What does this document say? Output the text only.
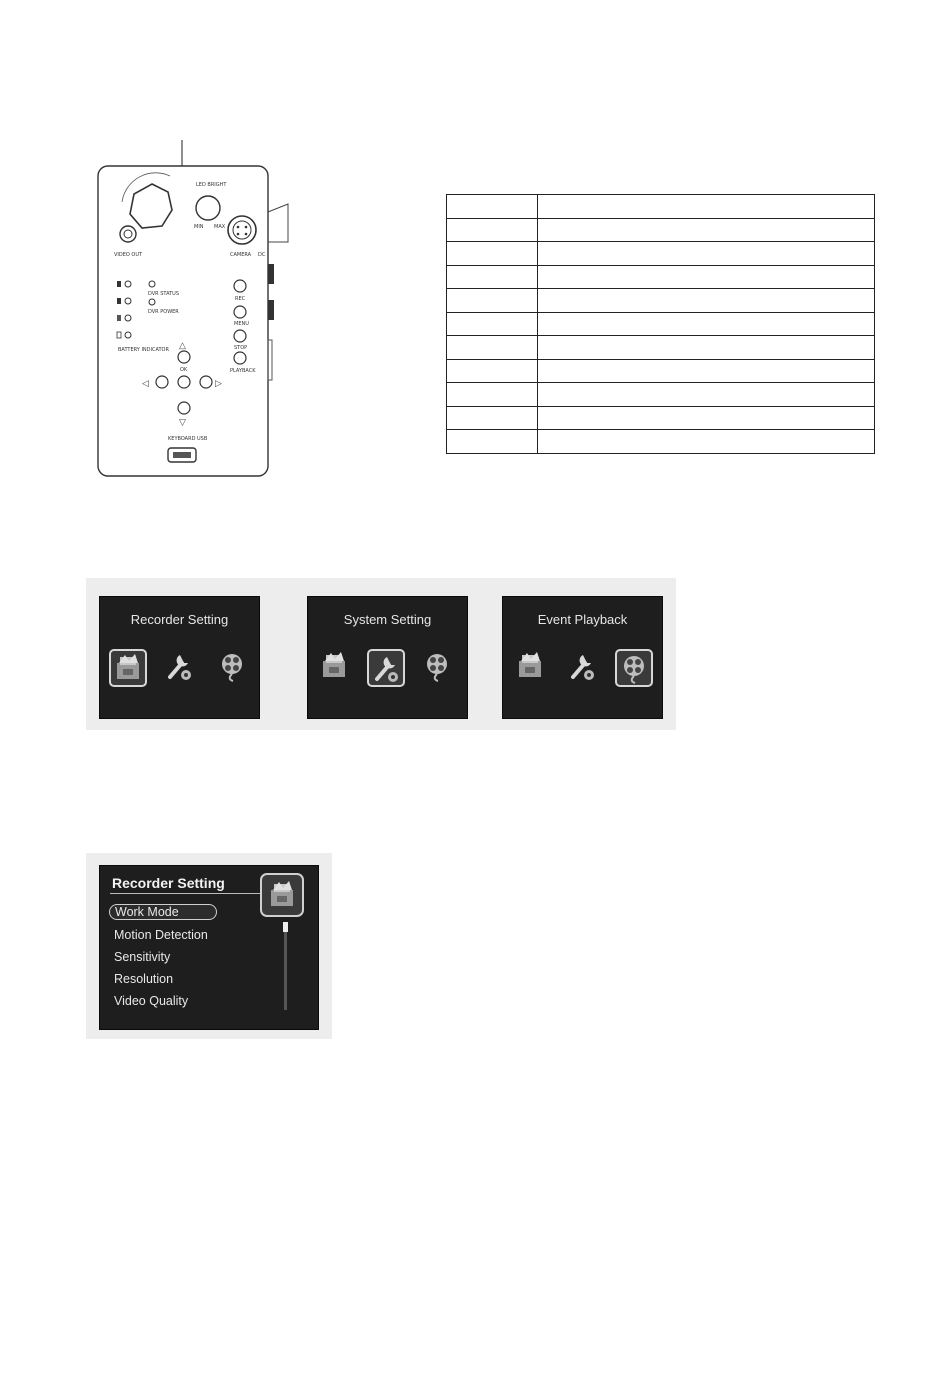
DC
LED BRIGHT
MIN MAX
CAMERA
VIDEO OUT
BATTERY INDICATOR
DVR STATUS
DVR POWER
REC
MENU
STOP
PLAYBACK
△
OK
◁	▷
▽
KEYBOARD USB

Recorder Setting	System Setting	Event Playback
Recorder Setting
Work Mode
Motion Detection
Sensitivity
Resolution
Video Quality
